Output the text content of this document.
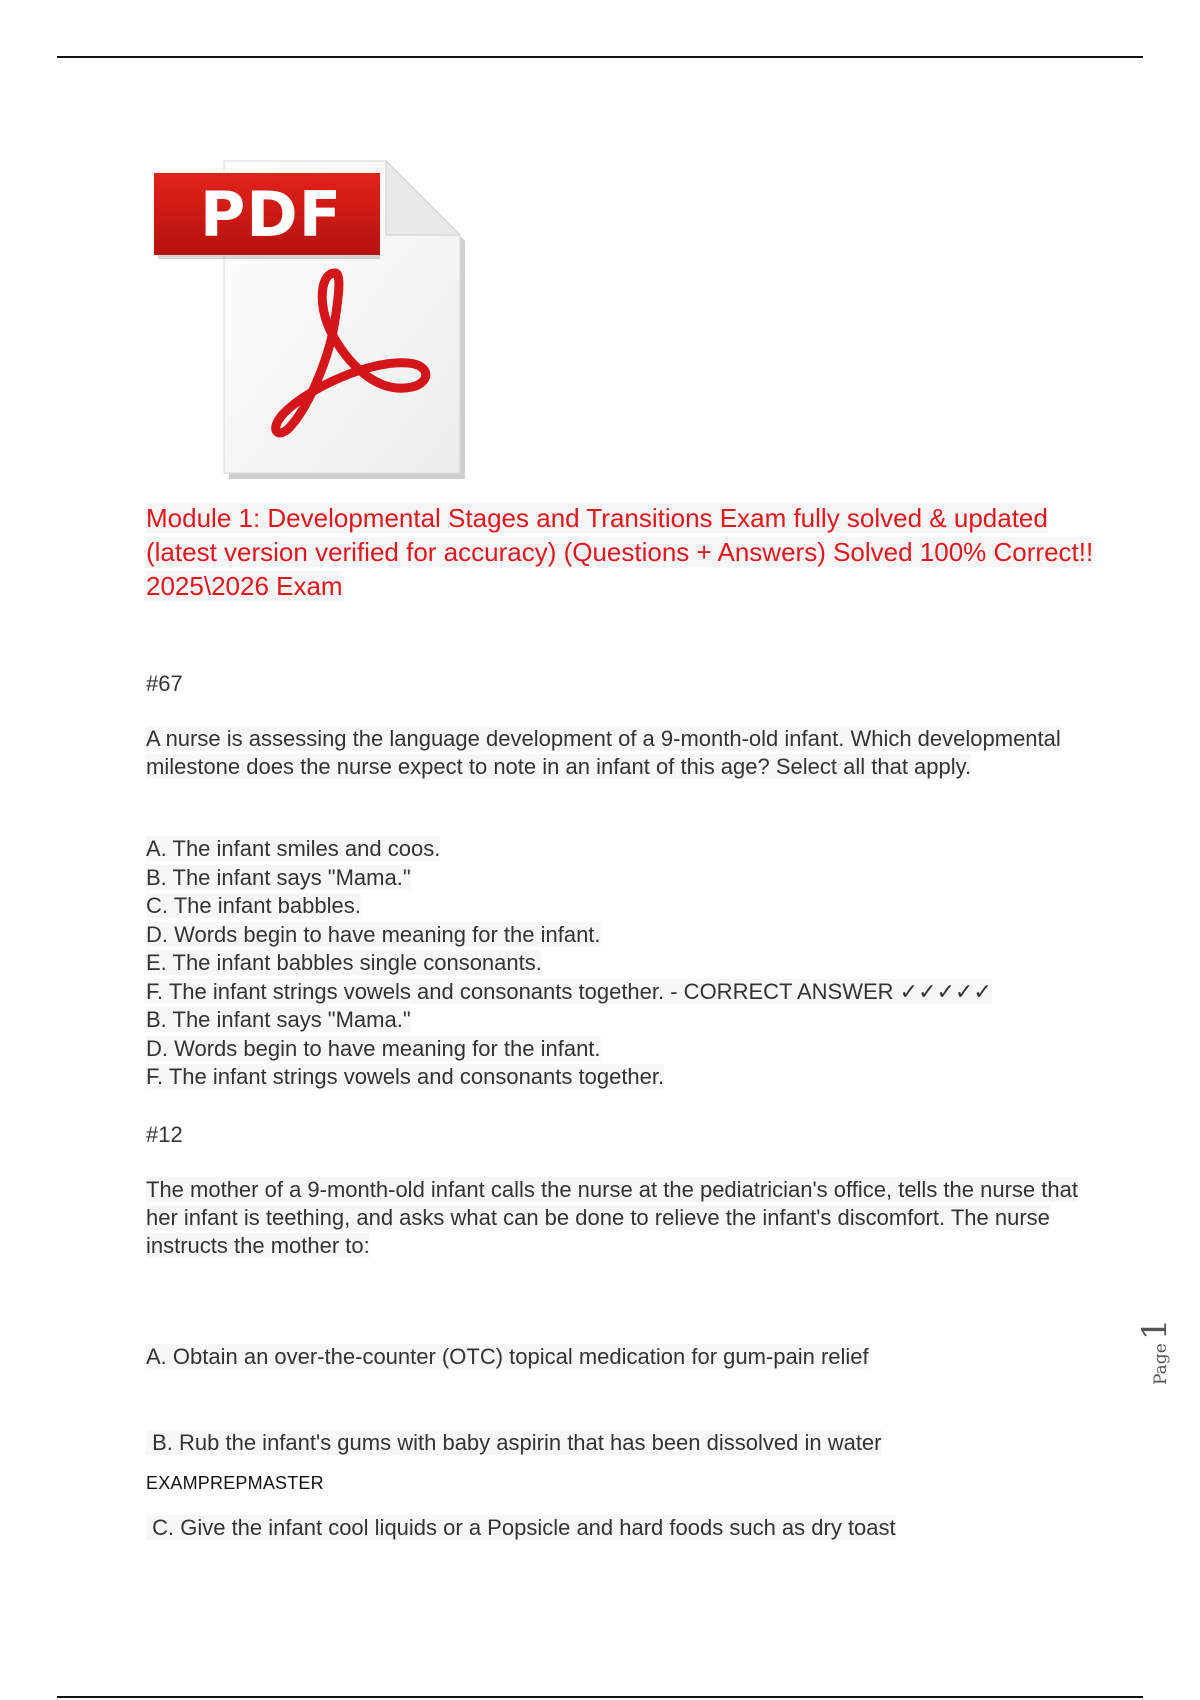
PDF
Module 1: Developmental Stages and Transitions Exam fully solved & updated (latest version verified for accuracy) (Questions + Answers) Solved 100% Correct!! 2025\2026 Exam
#67
A nurse is assessing the language development of a 9-month-old infant. Which developmental milestone does the nurse expect to note in an infant of this age? Select all that apply.
A. The infant smiles and coos.
B. The infant says "Mama."
C. The infant babbles.
D. Words begin to have meaning for the infant.
E. The infant babbles single consonants.
F. The infant strings vowels and consonants together. - CORRECT ANSWER ✓✓✓✓✓
B. The infant says "Mama."
D. Words begin to have meaning for the infant.
F. The infant strings vowels and consonants together.
#12
The mother of a 9-month-old infant calls the nurse at the pediatrician's office, tells the nurse that her infant is teething, and asks what can be done to relieve the infant's discomfort. The nurse instructs the mother to:

A. Obtain an over-the-counter (OTC) topical medication for gum-pain relief

B. Rub the infant's gums with baby aspirin that has been dissolved in water

C. Give the infant cool liquids or a Popsicle and hard foods such as dry toast

EXAMPREPMASTER
Page1
